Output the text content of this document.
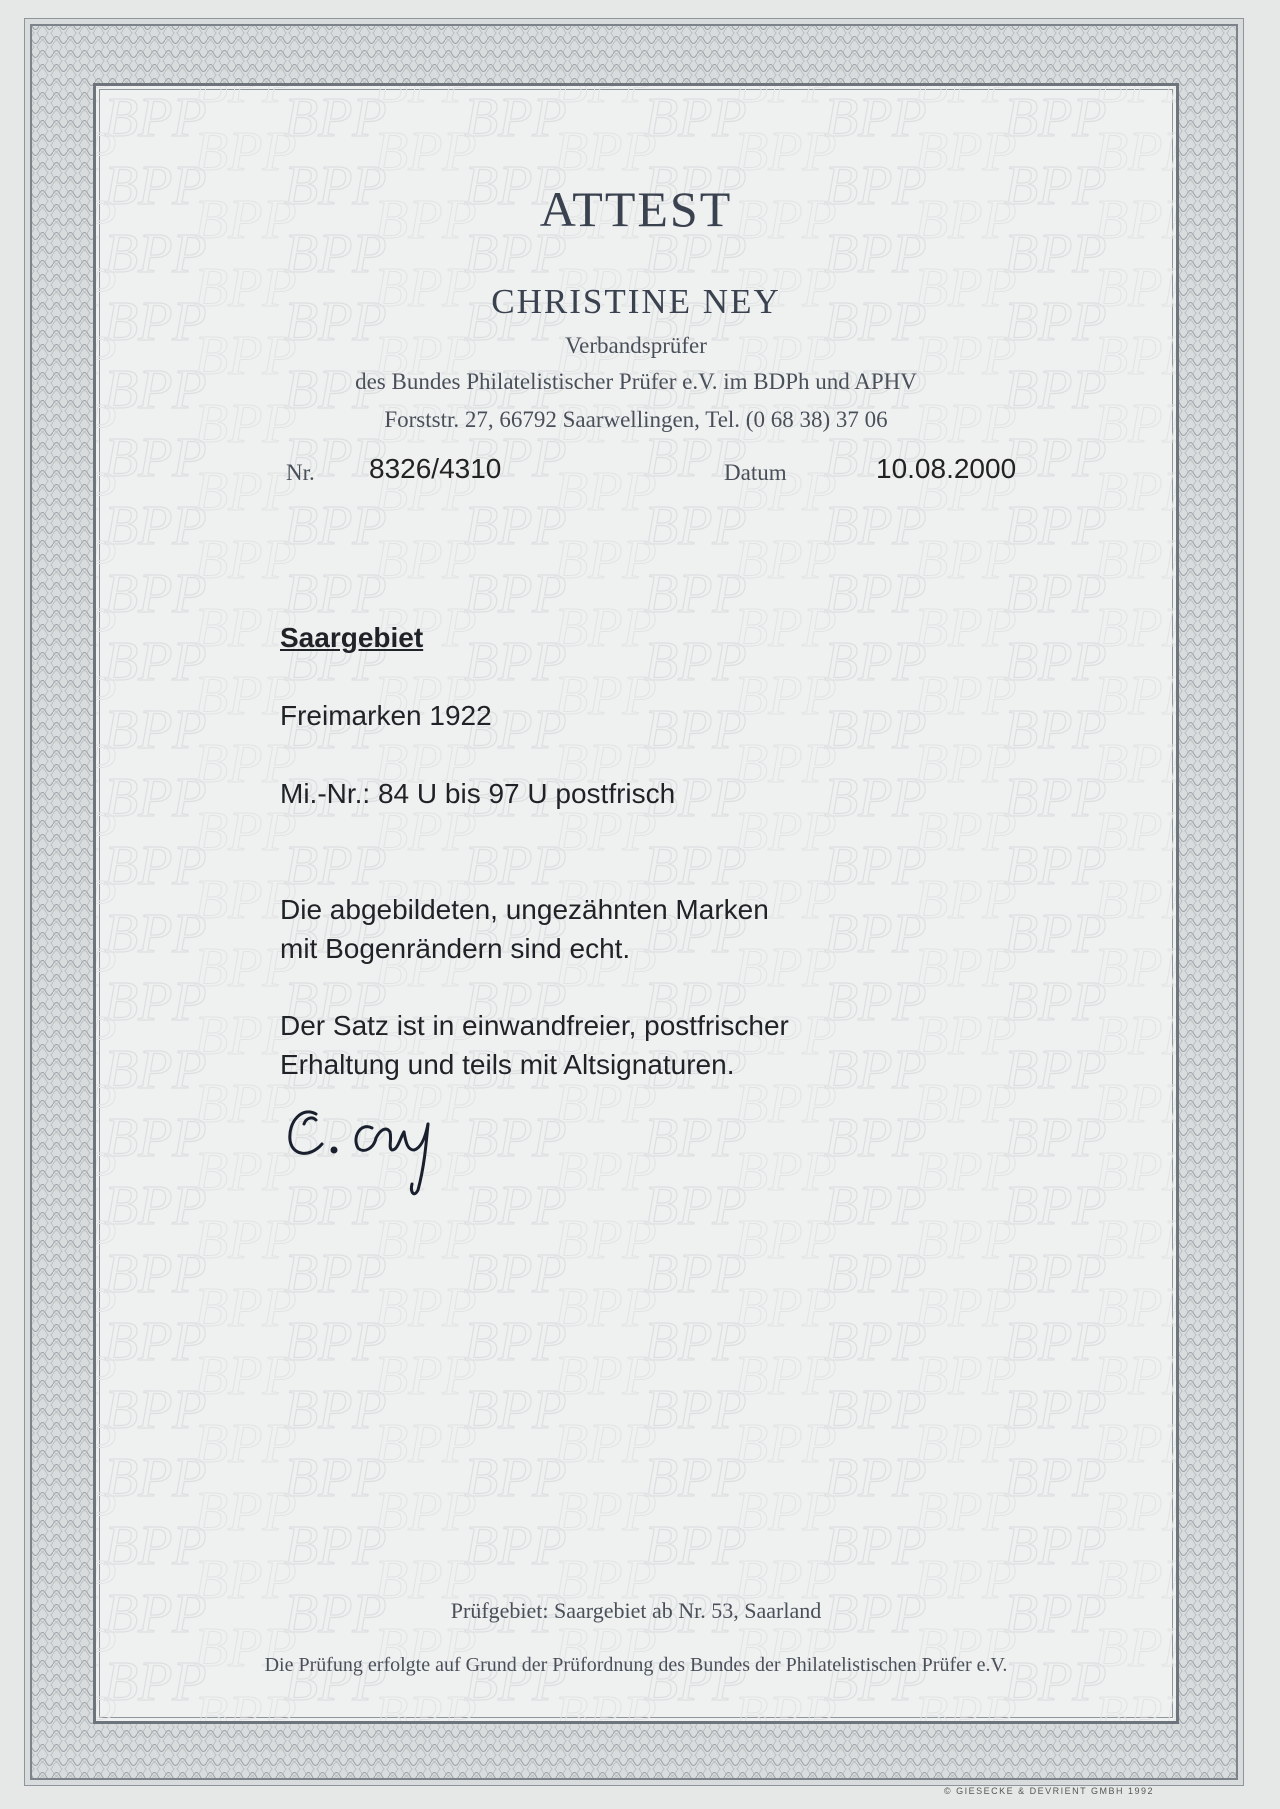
ATTEST
CHRISTINE NEY
Verbandsprüfer
des Bundes Philatelistischer Prüfer e.V. im BDPh und APHV
Forststr. 27, 66792 Saarwellingen, Tel. (0 68 38) 37 06
Nr. 8326/4310	Datum	10.08.2000
Saargebiet
Freimarken 1922
Mi.-Nr.: 84 U bis 97 U postfrisch
Die abgebildeten, ungezähnten Marken
mit Bogenrändern sind echt.
Der Satz ist in einwandfreier, postfrischer
Erhaltung und teils mit Altsignaturen.
Prüfgebiet: Saargebiet ab Nr. 53, Saarland
Die Prüfung erfolgte auf Grund der Prüfordnung des Bundes der Philatelistischen Prüfer e.V.
© GIESECKE & DEVRIENT GMBH 1992
